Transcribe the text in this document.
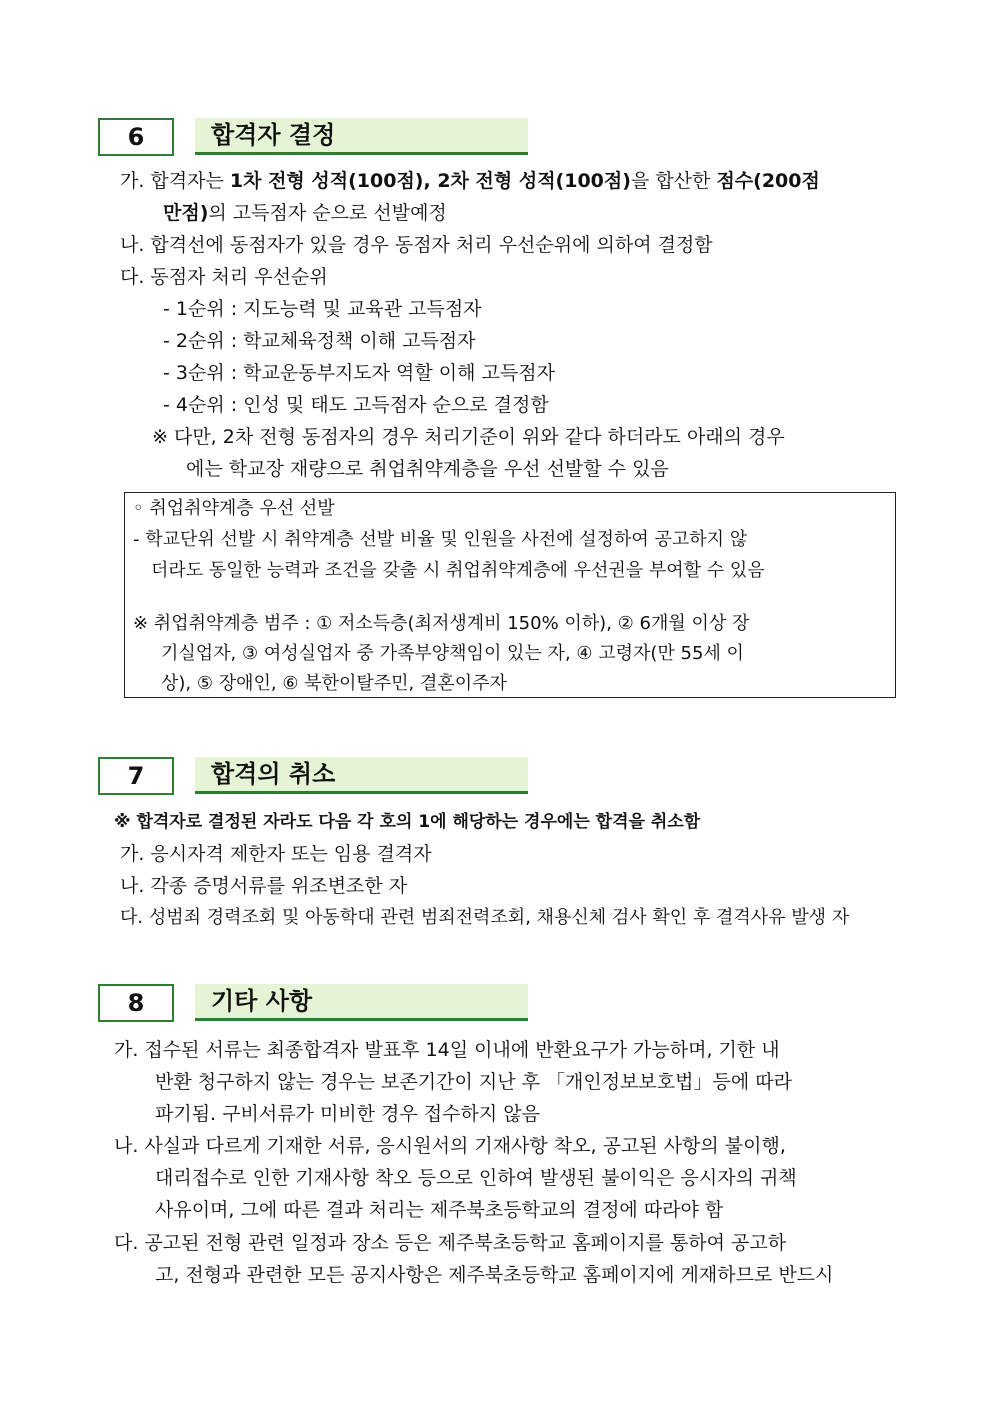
6	합격자 결정
가. 합격자는 1차 전형 성적(100점), 2차 전형 성적(100점)을 합산한 점수(200점
만점)의 고득점자 순으로 선발예정
나. 합격선에 동점자가 있을 경우 동점자 처리 우선순위에 의하여 결정함
다. 동점자 처리 우선순위
- 1순위 : 지도능력 및 교육관 고득점자
- 2순위 : 학교체육정책 이해 고득점자
- 3순위 : 학교운동부지도자 역할 이해 고득점자
- 4순위 : 인성 및 태도 고득점자 순으로 결정함
※ 다만, 2차 전형 동점자의 경우 처리기준이 위와 같다 하더라도 아래의 경우
에는 학교장 재량으로 취업취약계층을 우선 선발할 수 있음
◦ 취업취약계층 우선 선발
- 학교단위 선발 시 취약계층 선발 비율 및 인원을 사전에 설정하여 공고하지 않
더라도 동일한 능력과 조건을 갖출 시 취업취약계층에 우선권을 부여할 수 있음
※ 취업취약계층 범주 : ① 저소득층(최저생계비 150% 이하), ② 6개월 이상 장
기실업자, ③ 여성실업자 중 가족부양책임이 있는 자, ④ 고령자(만 55세 이
상), ⑤ 장애인, ⑥ 북한이탈주민, 결혼이주자
7	합격의 취소
※ 합격자로 결정된 자라도 다음 각 호의 1에 해당하는 경우에는 합격을 취소함
가. 응시자격 제한자 또는 임용 결격자
나. 각종 증명서류를 위조변조한 자
다. 성범죄 경력조회 및 아동학대 관련 범죄전력조회, 채용신체 검사 확인 후 결격사유 발생 자
8	기타 사항
가. 접수된 서류는 최종합격자 발표후 14일 이내에 반환요구가 가능하며, 기한 내
반환 청구하지 않는 경우는 보존기간이 지난 후 「개인정보보호법」등에 따라
파기됨. 구비서류가 미비한 경우 접수하지 않음
나. 사실과 다르게 기재한 서류, 응시원서의 기재사항 착오, 공고된 사항의 불이행,
대리접수로 인한 기재사항 착오 등으로 인하여 발생된 불이익은 응시자의 귀책
사유이며, 그에 따른 결과 처리는 제주북초등학교의 결정에 따라야 함
다. 공고된 전형 관련 일정과 장소 등은 제주북초등학교 홈페이지를 통하여 공고하
고, 전형과 관련한 모든 공지사항은 제주북초등학교 홈페이지에 게재하므로 반드시
